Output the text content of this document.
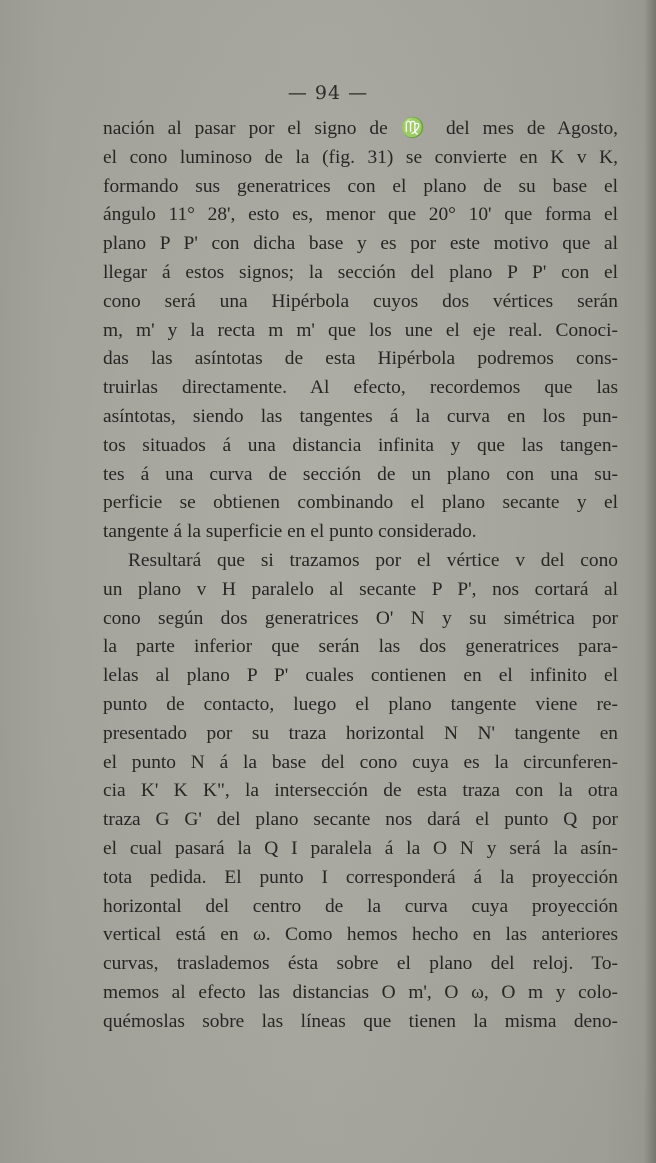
— 94 —
nación al pasar por el signo de ♍ del mes de Agosto,
el cono luminoso de la (fig. 31) se convierte en K v K,
formando sus generatrices con el plano de su base el
ángulo 11° 28', esto es, menor que 20° 10' que forma el
plano P P' con dicha base y es por este motivo que al
llegar á estos signos; la sección del plano P P' con el
cono será una Hipérbola cuyos dos vértices serán
m, m' y la recta m m' que los une el eje real. Conoci-
das las asíntotas de esta Hipérbola podremos cons-
truirlas directamente. Al efecto, recordemos que las
asíntotas, siendo las tangentes á la curva en los pun-
tos situados á una distancia infinita y que las tangen-
tes á una curva de sección de un plano con una su-
perficie se obtienen combinando el plano secante y el
tangente á la superficie en el punto considerado.
Resultará que si trazamos por el vértice v del cono
un plano v H paralelo al secante P P', nos cortará al
cono según dos generatrices O' N y su simétrica por
la parte inferior que serán las dos generatrices para-
lelas al plano P P' cuales contienen en el infinito el
punto de contacto, luego el plano tangente viene re-
presentado por su traza horizontal N N' tangente en
el punto N á la base del cono cuya es la circunferen-
cia K' K K", la intersección de esta traza con la otra
traza G G' del plano secante nos dará el punto Q por
el cual pasará la Q I paralela á la O N y será la asín-
tota pedida. El punto I corresponderá á la proyección
horizontal del centro de la curva cuya proyección
vertical está en ω. Como hemos hecho en las anteriores
curvas, traslademos ésta sobre el plano del reloj. To-
memos al efecto las distancias O m', O ω, O m y colo-
quémoslas sobre las líneas que tienen la misma deno-
